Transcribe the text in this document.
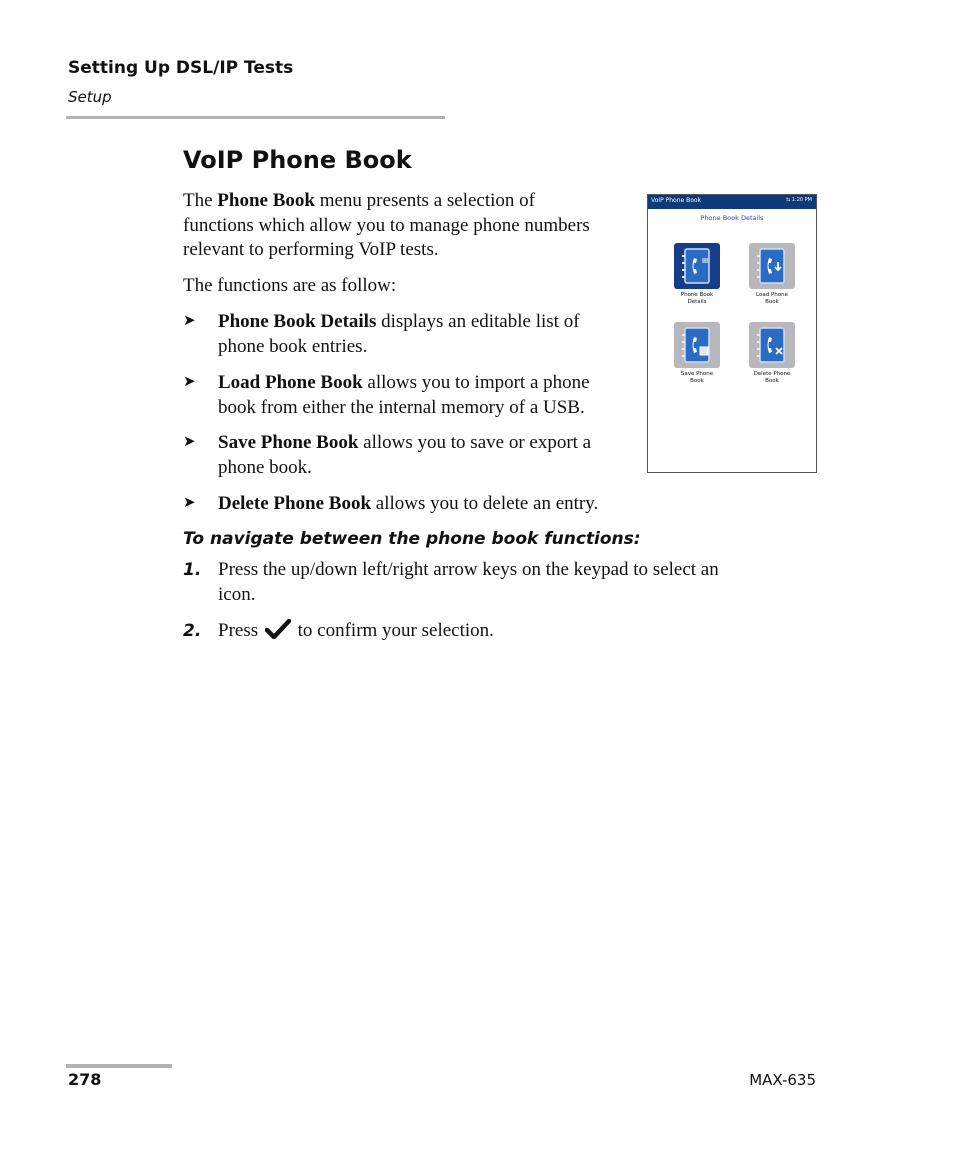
Setting Up DSL/IP Tests
Setup
VoIP Phone Book
The Phone Book menu presents a selection of
functions which allow you to manage phone numbers
relevant to performing VoIP tests.
The functions are as follow:
➤	Phone Book Details displays an editable list of
phone book entries.
➤	Load Phone Book allows you to import a phone
book from either the internal memory of a USB.
➤	Save Phone Book allows you to save or export a
phone book.
➤	Delete Phone Book allows you to delete an entry.
To navigate between the phone book functions:
1. Press the up/down left/right arrow keys on the keypad to select an
icon.
2. Press  to confirm your selection.
VoIP Phone Book	⇆ 1:20 PM
Phone Book Details
Phone Book
Details
Load Phone
Book
Save Phone
Book
Delete Phone
Book
278	MAX-635
